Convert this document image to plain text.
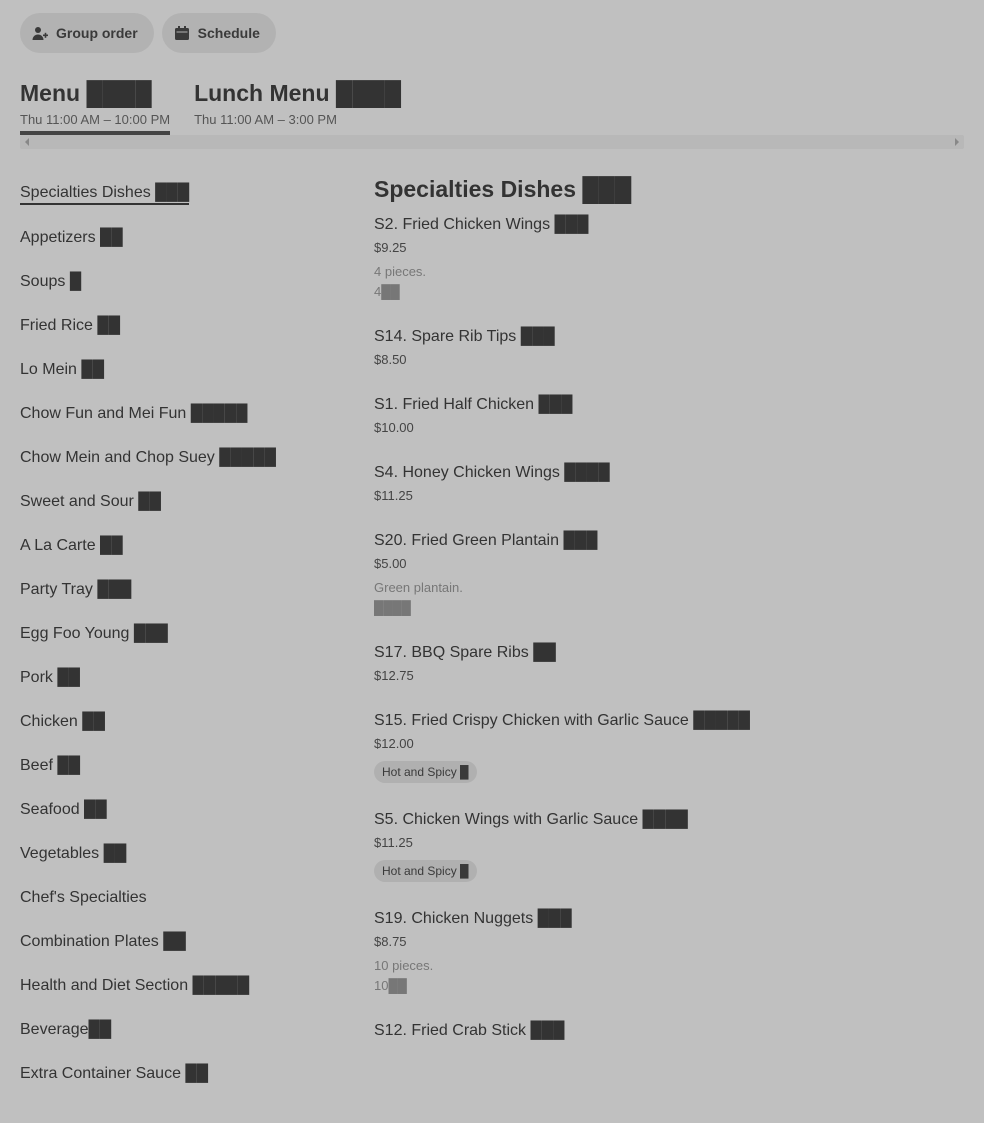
Group order	Schedule
Menu ████
Thu 11:00 AM – 10:00 PM
Lunch Menu ████
Thu 11:00 AM – 3:00 PM
Specialties Dishes ███
Appetizers ██
Soups █
Fried Rice ██
Lo Mein ██
Chow Fun and Mei Fun █████
Chow Mein and Chop Suey █████
Sweet and Sour ██
A La Carte ██
Party Tray ███
Egg Foo Young ███
Pork ██
Chicken ██
Beef ██
Seafood ██
Vegetables ██
Chef's Specialties
Combination Plates ██
Health and Diet Section █████
Beverage██
Extra Container Sauce ██
Specialties Dishes ███
S2. Fried Chicken Wings ███
$9.25
4 pieces.
4██
S14. Spare Rib Tips ███
$8.50
S1. Fried Half Chicken ███
$10.00
S4. Honey Chicken Wings ████
$11.25
S20. Fried Green Plantain ███
$5.00
Green plantain.
████
S17. BBQ Spare Ribs ██
$12.75
S15. Fried Crispy Chicken with Garlic Sauce █████
$12.00
Hot and Spicy █
S5. Chicken Wings with Garlic Sauce ████
$11.25
Hot and Spicy █
S19. Chicken Nuggets ███
$8.75
10 pieces.
10██
S12. Fried Crab Stick ███
